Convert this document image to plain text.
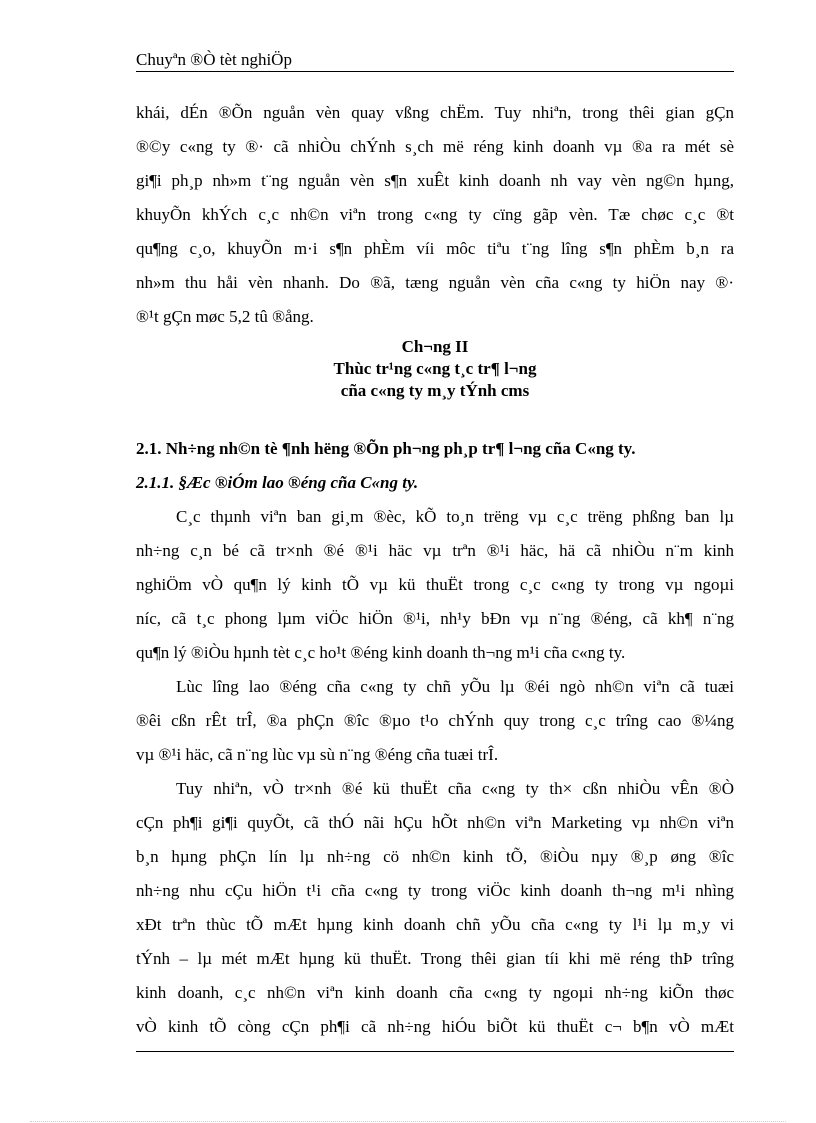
Chuyªn ®Ò tèt nghiÖp
khái, dÉn ®Õn nguån vèn quay vßng chËm. Tuy nhiªn, trong thêi gian gÇn
®©y c«ng ty ®· cã nhiÒu chÝnh s¸ch më réng kinh doanh vµ ®a ra mét sè
gi¶i ph¸p nh»m t¨ng nguån vèn s¶n xuÊt kinh doanh nh vay vèn ng©n hµng,
khuyÕn khÝch c¸c nh©n viªn trong c«ng ty cïng gãp vèn. Tæ chøc c¸c ®t
qu¶ng c¸o, khuyÕn m·i s¶n phÈm víi môc tiªu t¨ng lîng s¶n phÈm b¸n ra
nh»m thu håi vèn nhanh. Do ®ã, tæng nguån vèn cña c«ng ty hiÖn nay ®·
®¹t gÇn møc 5,2 tû ®ång.
Ch¬ng II
Thùc tr¹ng c«ng t¸c tr¶ l¬ng
cña c«ng ty m¸y tÝnh cms
2.1. Nh÷ng nh©n tè ¶nh hëng ®Õn ph¬ng ph¸p tr¶ l¬ng cña C«ng ty.
2.1.1. §Æc ®iÓm lao ®éng cña C«ng ty.
C¸c thµnh viªn ban gi¸m ®èc, kÕ to¸n trëng vµ c¸c trëng phßng ban lµ
nh÷ng c¸n bé cã tr×nh ®é ®¹i häc vµ trªn ®¹i häc, hä cã nhiÒu n¨m kinh
nghiÖm vÒ qu¶n lý kinh tÕ vµ kü thuËt trong c¸c c«ng ty trong vµ ngoµi
níc, cã t¸c phong lµm viÖc hiÖn ®¹i, nh¹y bÐn vµ n¨ng ®éng, cã kh¶ n¨ng
qu¶n lý ®iÒu hµnh tèt c¸c ho¹t ®éng kinh doanh th¬ng m¹i cña c«ng ty.
Lùc lîng lao ®éng cña c«ng ty chñ yÕu lµ ®éi ngò nh©n viªn cã tuæi
®êi cßn rÊt trÎ, ®a phÇn ®îc ®µo t¹o chÝnh quy trong c¸c trîng cao ®¼ng
vµ ®¹i häc, cã n¨ng lùc vµ sù n¨ng ®éng cña tuæi trÎ.
Tuy nhiªn, vÒ tr×nh ®é kü thuËt cña c«ng ty th× cßn nhiÒu vÊn ®Ò
cÇn ph¶i gi¶i quyÕt, cã thÓ nãi hÇu hÕt nh©n viªn Marketing vµ nh©n viªn
b¸n hµng phÇn lín lµ nh÷ng cö nh©n kinh tÕ, ®iÒu nµy ®¸p øng ®îc
nh÷ng nhu cÇu hiÖn t¹i cña c«ng ty trong viÖc kinh doanh th¬ng m¹i nhìng
xÐt trªn thùc tÕ mÆt hµng kinh doanh chñ yÕu cña c«ng ty l¹i lµ m¸y vi
tÝnh – lµ mét mÆt hµng kü thuËt. Trong thêi gian tíi khi më réng thÞ trîng
kinh doanh, c¸c nh©n viªn kinh doanh cña c«ng ty ngoµi nh÷ng kiÕn thøc
vÒ kinh tÕ còng cÇn ph¶i cã nh÷ng hiÓu biÕt kü thuËt c¬ b¶n vÒ mÆt
